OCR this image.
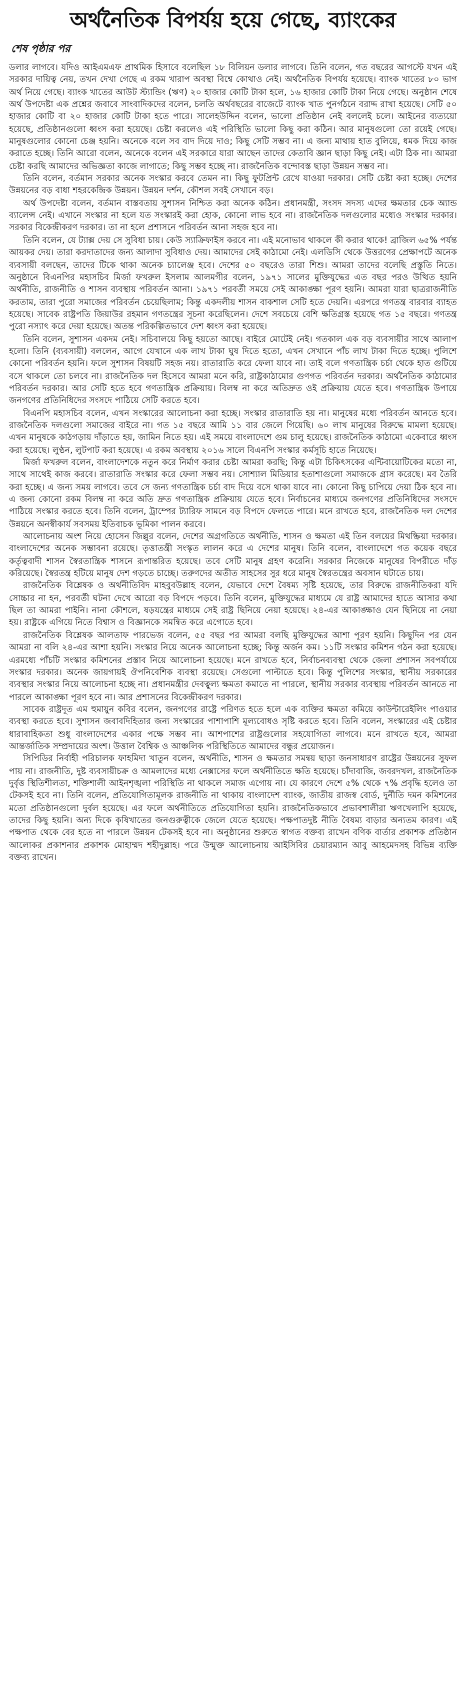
অর্থনৈতিক বিপর্যয় হয়ে গেছে, ব্যাংকের
শেষ পৃষ্ঠার পর

ডলার লাগবে। যদিও আইএমএফ প্রাথমিক হিসাবে বলেছিল ১৮ বিলিয়ন ডলার লাগবে। তিনি বলেন, গত বছরের আগস্টে যখন এই সরকার দায়িত্ব নেয়, তখন দেখা গেছে এ রকম খারাপ অবস্থা বিশ্বে কোথাও নেই। অর্থনৈতিক বিপর্যয় হয়েছে। ব্যাংক খাতের ৮০ ভাগ অর্থ নিয়ে গেছে। ব্যাংক খাতের আউট স্ট্যান্ডিং (ঋণ) ২০ হাজার কোটি টাকা হলে, ১৬ হাজার কোটি টাকা নিয়ে গেছে। অনুষ্ঠান শেষে অর্থ উপদেষ্টা এক প্রশ্নের জবাবে সাংবাদিকদের বলেন, চলতি অর্থবছরের বাজেটে ব্যাংক খাত পুনর্গঠনে বরাদ্দ রাখা হয়েছে। সেটি ৫০ হাজার কোটি বা ২০ হাজার কোটি টাকা হতে পারে। সালেহউদ্দিন বলেন, ভালো প্রতিষ্ঠান নেই বললেই চলে। আইনের ব্যত্যয়ো হয়েছে, প্রতিষ্ঠানগুলো ধ্বংস করা হয়েছে। চেষ্টা করলেও এই পরিস্থিতি ভালো কিছু করা কঠিন। আর মানুষগুলো তো রয়েই গেছে। মানুষগুলোর কোনো চেঞ্জ হয়নি। অনেকে বলে সব বাদ দিয়ে দাও; কিছু সেটি সম্ভব না। এ জন্য মাথায় হাত বুলিয়ে, ধমক দিয়ে কাজ করাতে হচ্ছে। তিনি আরো বলেন, অনেকে বলেন এই সরকারে যারা আছেন তাদের কেতাবি জ্ঞান ছাড়া কিছু নেই। এটা ঠিক না। আমরা চেষ্টা করছি আমাদের অভিজ্ঞতা কাজে লাগাতে; কিছু সম্ভব হচ্ছে না। রাজনৈতিক বন্দোবস্ত ছাড়া উন্নয়ন সম্ভব না।

তিনি বলেন, বর্তমান সরকার অনেক সংস্কার করবে তেমন না। কিছু ফুটপ্রিন্ট রেখে যাওয়া দরকার। সেটি চেষ্টা করা হচ্ছে। দেশের উন্নয়নের বড় বাধা শহরকেন্দ্রিক উন্নয়ন। উন্নয়ন দর্শন, কৌশল সবই সেখানে বড়।

অর্থ উপদেষ্টা বলেন, বর্তমান বাস্তবতায় সুশাসন নিশ্চিত করা অনেক কঠিন। প্রধানমন্ত্রী, সংসদ সদস্য এদের ক্ষমতার চেক অ্যান্ড ব্যালেন্স নেই। এখানে সংস্কার না হলে যত সংস্কারই করা হোক, কোনো লাভ হবে না। রাজনৈতিক দলগুলোর মধ্যেও সংস্কার দরকার। সরকার বিকেন্দ্রীকরণ দরকার। তা না হলে প্রশাসনে পরিবর্তন আনা সহজ হবে না।

তিনি বলেন, যে ট্যাক্স দেয় সে সুবিধা চায়। কেউ স্যাক্রিফাইস করবে না। এই মনোভাব থাকলে কী করার থাকে! ব্রাজিল ৬৫% পর্যন্ত আয়কর দেয়। তারা করদাতাদের জন্য আলাদা সুবিধাও দেয়। আমাদের সেই কাঠামো নেই। এলডিসি থেকে উত্তরণের প্রেক্ষাপটে অনেক ব্যবসায়ী বলছেন, তাদের টিকে থাকা অনেক চ্যালেঞ্জ হবে। দেশের ৫০ বছরেও তারা শিশু। আমরা তাদের বলেছি প্রস্তুতি নিতে। অনুষ্ঠানে বিএনপির মহাসচিব মির্জা ফখরুল ইসলাম আলমগীর বলেন, ১৯৭১ সালের মুক্তিযুদ্ধের এত বছর পরও উত্থিত হয়নি অর্থনীতি, রাজনীতি ও শাসন ব্যবস্থায় পরিবর্তন আনা। ১৯৭১ পরবর্তী সময়ে সেই আকাঙ্ক্ষা পূরণ হয়নি। আমরা যারা ছাত্ররাজনীতি করতাম, তারা পুরো সমাজের পরিবর্তন চেয়েছিলাম; কিন্তু একদলীয় শাসন বাকশাল সেটি হতে দেয়নি। এরপরে গণতন্ত্র বারবার ব্যাহত হয়েছে। সাবেক রাষ্ট্রপতি জিয়াউর রহমান গণতন্ত্রের সূচনা করেছিলেন। দেশে সবচেয়ে বেশি ক্ষতিগ্রস্ত হয়েছে গত ১৫ বছরে। গণতন্ত্র পুরো নস্যাৎ করে দেয়া হয়েছে। অতন্ত পরিকল্পিতভাবে দেশ ধ্বংস করা হয়েছে।

তিনি বলেন, সুশাসন একদম নেই। সচিবালয়ে কিছু হয়তো আছে। বাইরে মোটেই নেই। গতকাল এক বড় ব্যবসায়ীর সাথে আলাপ হলো। তিনি (ব্যবসায়ী) বললেন, আগে যেখানে এক লাখ টাকা ঘুষ দিতে হতো, এখন সেখানে পাঁচ লাখ টাকা দিতে হচ্ছে। পুলিশে কোনো পরিবর্তন হয়নি। ফলে সুশাসন বিষয়টি সহজ নয়। রাতারাতি করে ফেলা যাবে না। তাই বলে গণতান্ত্রিক চর্চা থেকে হাত গুটিয়ে বসে থাকলে তো চলবে না। রাজনৈতিক দল হিসেবে আমরা মনে করি, রাষ্ট্রকাঠামোর গুণগত পরিবর্তন দরকার। অর্থনৈতিক কাঠামোর পরিবর্তন দরকার। আর সেটি হতে হবে গণতান্ত্রিক প্রক্রিয়ায়। বিলম্ব না করে অতিদ্রুত ওই প্রক্রিয়ায় যেতে হবে। গণতান্ত্রিক উপায়ে জনগণের প্রতিনিধিদের সংসদে পাঠিয়ে সেটি করতে হবে।

বিএনপি মহাসচিব বলেন, এখন সংস্কারের আলোচনা করা হচ্ছে। সংস্কার রাতারাতি হয় না। মানুষের মধ্যে পরিবর্তন আনতে হবে। রাজনৈতিক দলগুলো সমাজের বাইরে না। গত ১৫ বছরে আমি ১১ বার জেলে গিয়েছি। ৬০ লাখ মানুষের বিরুদ্ধে মামলা হয়েছে। এখন মানুষকে কাঠগড়ায় দাঁড়াতে হয়, জামিন নিতে হয়। এই সময়ে বাংলাদেশে গুম চালু হয়েছে। রাজনৈতিক কাঠামো একেবারে ধ্বংস করা হয়েছে। লুণ্ঠন, লুটপাট করা হয়েছে। এ রকম অবস্থায় ২০১৬ সালে বিএনপি সংস্কার কর্মসূচি হাতে নিয়েছে।

মির্জা ফখরুল বলেন, বাংলাদেশকে নতুন করে নির্মাণ করার চেষ্টা আমরা করছি; কিন্তু এটা চিকিৎসকের এন্টিবায়োটিকের মতো না, সাথে সাথেই কাজ করবে। রাতারাতি সংস্কার করে ফেলা সম্ভব নয়। সোশ্যাল মিডিয়ার হতাশাগুলো সমাজকে গ্রাস করেছে। মব তৈরি করা হচ্ছে। এ জন্য সময় লাগবে। তবে সে জন্য গণতান্ত্রিক চর্চা বাদ দিয়ে বসে থাকা যাবে না। কোনো কিছু চাপিয়ে দেয়া ঠিক হবে না। এ জন্য কোনো রকম বিলম্ব না করে অতি দ্রুত গণতান্ত্রিক প্রক্রিয়ায় যেতে হবে। নির্বাচনের মাধ্যমে জনগণের প্রতিনিধিদের সংসদে পাঠিয়ে সংস্কার করতে হবে। তিনি বলেন, ট্রাম্পের ট্যারিফ সামনে বড় বিপদে ফেলতে পারে। মনে রাখতে হবে, রাজনৈতিক দল দেশের উন্নয়নে অনস্বীকার্য সবসময় ইতিবাচক ভূমিকা পালন করবে।

আলোচনায় অংশ নিয়ে হোসেন জিল্লুর বলেন, দেশের অগ্রগতিতে অর্থনীতি, শাসন ও ক্ষমতা এই তিন বলয়ের মিথষ্ক্রিয়া দরকার। বাংলাদেশের অনেক সম্ভাবনা রয়েছে। তৃত্তাতন্ত্রী সংস্কৃত লালন করে এ দেশের মানুষ। তিনি বলেন, বাংলাদেশে গত কয়েক বছরে কর্তৃত্ববাদী শাসন স্বৈরতান্ত্রিক শাসনে রূপান্তরিত হয়েছে। তবে সেটি মানুষ গ্রহণ করেনি। সরকার নিজেকে মানুষের বিপরীতে দাঁড় করিয়েছে। স্বৈরতন্ত্র হটিয়ে মানুষ দেশ গড়তে চাচ্ছে। তরুণদের অতীত সাহসের সুর ধরে মানুষ স্বৈরতন্ত্রের অবসান ঘটাতে চায়।

রাজনৈতিক বিশ্লেষক ও অর্থনীতিবিদ মাহবুবউল্লাহ বলেন, যেভাবে দেশে বৈষম্য সৃষ্টি হয়েছে, তার বিরুদ্ধে রাজনীতিকরা যদি সোচ্চার না হন, পরবর্তী ঘটনা দেখে আরো বড় বিপদে পড়বে। তিনি বলেন, মুক্তিযুদ্ধের মাধ্যমে যে রাষ্ট্র আমাদের হাতে আসার কথা ছিল তা আমরা পাইনি। নানা কৌশলে, ষড়যন্ত্রের মাধ্যমে সেই রাষ্ট্র ছিনিয়ে নেয়া হয়েছে। ২৪-এর আকাঙ্ক্ষাও যেন ছিনিয়ে না নেয়া হয়। রাষ্ট্রকে এগিয়ে নিতে বিশ্বাস ও বিজ্ঞানকে সমন্বিত করে এগোতে হবে।

রাজনৈতিক বিশ্লেষক আলতাফ পারভেজ বলেন, ৫৫ বছর পর আমরা বলছি মুক্তিযুদ্ধের আশা পূরণ হয়নি। কিছুদিন পর যেন আমরা না বলি ২৪-এর আশা হয়নি। সংস্কার নিয়ে অনেক আলোচনা হচ্ছে; কিন্তু অর্জন কম। ১১টি সংস্কার কমিশন গঠন করা হয়েছে। এরমধ্যে পাঁচটি সংস্কার কমিশনের প্রস্তাব নিয়ে আলোচনা হয়েছে। মনে রাখতে হবে, নির্বাচনব্যবস্থা থেকে জেলা প্রশাসন সবপর্যায়ে সংস্কার দরকার। অনেক জায়গায়ই ঔপনিবেশিক ব্যবস্থা রয়েছে। সেগুলো পাল্টাতে হবে। কিন্তু পুলিশের সংস্কার, স্থানীয় সরকারের ব্যবস্থার সংস্কার নিয়ে আলোচনা হচ্ছে না। প্রধানমন্ত্রীর দেবত্বুল্য ক্ষমতা কমাতে না পারলে, স্থানীয় সরকার ব্যবস্থায় পরিবর্তন আনতে না পারলে আকাঙ্ক্ষা পূরণ হবে না। আর প্রশাসনের বিকেন্দ্রীকরণ দরকার।

সাবেক রাষ্ট্রদূত এম হুমায়ুন কবির বলেন, জনগণের রাষ্ট্রে পরিণত হতে হলে এক ব্যক্তির ক্ষমতা কমিয়ে কাউন্টারেইলিং পাওয়ার ব্যবস্থা করতে হবে। সুশাসন জবাবদিহিতার জন্য সংস্কারের পাশাপাশি মূল্যবোধও সৃষ্টি করতে হবে। তিনি বলেন, সংস্কারের এই চেষ্টার ধারাবাহিকতা শুধু বাংলাদেশের একার পক্ষে সম্ভব না। আশপাশের রাষ্ট্রগুলোর সহযোগিতা লাগবে। মনে রাখতে হবে, আমরা আন্তর্জাতিক সম্প্রদায়ের অংশ। উত্তাল বৈশ্বিক ও আঞ্চলিক পরিস্থিতিতে আমাদের বন্ধুর প্রয়োজন।

সিপিডির নির্বাহী পরিচালক ফাহমিদা খাতুন বলেন, অর্থনীতি, শাসন ও ক্ষমতার সমন্বয় ছাড়া জনসাধারণ রাষ্ট্রের উন্নয়নের সুফল পায় না। রাজনীতি, দুষ্ট ব্যবসায়ীচক্র ও আমলাদের মধ্যে নেক্সাসের ফলে অর্থনীতিতে ক্ষতি হয়েছে। চাঁদাবাজি, জবরদখল, রাজনৈতিক দুর্বৃত্ত স্থিতিশীলতা, শক্তিশালী আইনশৃঙ্খলা পরিস্থিতি না থাকলে সমাজ এগোয় না। যে কারণে দেশে ৫% থেকে ৭% প্রবৃদ্ধি হলেও তা টেকসই হবে না। তিনি বলেন, প্রতিযোগিতামূলক রাজনীতি না থাকায় বাংলাদেশ ব্যাংক, জাতীয় রাজস্ব বোর্ড, দুর্নীতি দমন কমিশনের মতো প্রতিষ্ঠানগুলো দুর্বল হয়েছে। এর ফলে অর্থনীতিতে প্রতিযোগিতা হয়নি। রাজনৈতিকভাবে প্রভাবশালীরা ঋণখেলাপি হয়েছে, তাদের কিছু হয়নি। অন্য দিকে কৃষিখাতের জনগুরুত্বীকে জেলে যেতে হয়েছে। পক্ষপাতদুষ্ট নীতি বৈষম্য বাড়ার অন্যতম কারণ। এই পক্ষপাত থেকে বের হতে না পারলে উন্নয়ন টেকসই হবে না। অনুষ্ঠানের শুরুতে স্বাগত বক্তব্য রাখেন বণিক বার্তার প্রকাশক প্রতিষ্ঠান আলোকর প্রকাশনার প্রকাশক মোহাম্মদ শহীদুল্লাহ। পরে উন্মুক্ত আলোচনায় আইসিবির চেয়ারম্যান আবু আহমেদসহ বিভিন্ন ব্যক্তি বক্তব্য রাখেন।
